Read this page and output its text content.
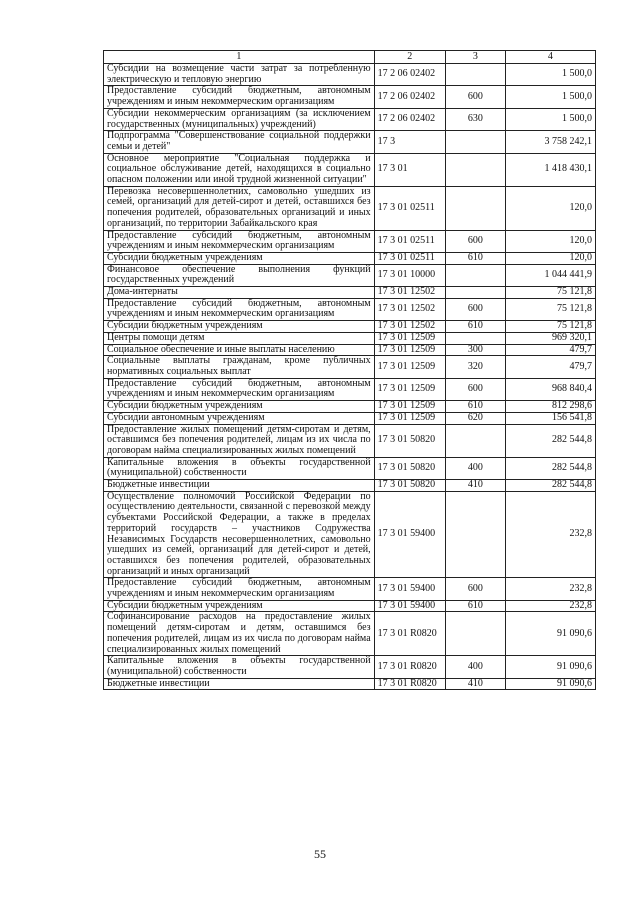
1	2	3	4
Субсидии на возмещение части затрат за потребленную электрическую и тепловую энергию	17 2 06 02402		1 500,0
Предоставление субсидий бюджетным, автономным учреждениям и иным некоммерческим организациям	17 2 06 02402	600	1 500,0
Субсидии некоммерческим организациям (за исключением государственных (муниципальных) учреждений)	17 2 06 02402	630	1 500,0
Подпрограмма "Совершенствование социальной поддержки семьи и детей"	17 3		3 758 242,1
Основное мероприятие "Социальная поддержка и социальное обслуживание детей, находящихся в социально опасном положении или иной трудной жизненной ситуации"	17 3 01		1 418 430,1
Перевозка несовершеннолетних, самовольно ушедших из семей, организаций для детей-сирот и детей, оставшихся без попечения родителей, образовательных организаций и иных организаций, по территории Забайкальского края	17 3 01 02511		120,0
Предоставление субсидий бюджетным, автономным учреждениям и иным некоммерческим организациям	17 3 01 02511	600	120,0
Субсидии бюджетным учреждениям	17 3 01 02511	610	120,0
Финансовое обеспечение выполнения функций государственных учреждений	17 3 01 10000		1 044 441,9
Дома-интернаты	17 3 01 12502		75 121,8
Предоставление субсидий бюджетным, автономным учреждениям и иным некоммерческим организациям	17 3 01 12502	600	75 121,8
Субсидии бюджетным учреждениям	17 3 01 12502	610	75 121,8
Центры помощи детям	17 3 01 12509		969 320,1
Социальное обеспечение и иные выплаты населению	17 3 01 12509	300	479,7
Социальные выплаты гражданам, кроме публичных нормативных социальных выплат	17 3 01 12509	320	479,7
Предоставление субсидий бюджетным, автономным учреждениям и иным некоммерческим организациям	17 3 01 12509	600	968 840,4
Субсидии бюджетным учреждениям	17 3 01 12509	610	812 298,6
Субсидии автономным учреждениям	17 3 01 12509	620	156 541,8
Предоставление жилых помещений детям-сиротам и детям, оставшимся без попечения родителей, лицам из их числа по договорам найма специализированных жилых помещений	17 3 01 50820		282 544,8
Капитальные вложения в объекты государственной (муниципальной) собственности	17 3 01 50820	400	282 544,8
Бюджетные инвестиции	17 3 01 50820	410	282 544,8
Осуществление полномочий Российской Федерации по осуществлению деятельности, связанной с перевозкой между субъектами Российской Федерации, а также в пределах территорий государств – участников Содружества Независимых Государств несовершеннолетних, самовольно ушедших из семей, организаций для детей-сирот и детей, оставшихся без попечения родителей, образовательных организаций и иных организаций	17 3 01 59400		232,8
Предоставление субсидий бюджетным, автономным учреждениям и иным некоммерческим организациям	17 3 01 59400	600	232,8
Субсидии бюджетным учреждениям	17 3 01 59400	610	232,8
Софинансирование расходов на предоставление жилых помещений детям-сиротам и детям, оставшимся без попечения родителей, лицам из их числа по договорам найма специализированных жилых помещений	17 3 01 R0820		91 090,6
Капитальные вложения в объекты государственной (муниципальной) собственности	17 3 01 R0820	400	91 090,6
Бюджетные инвестиции	17 3 01 R0820	410	91 090,6
55
